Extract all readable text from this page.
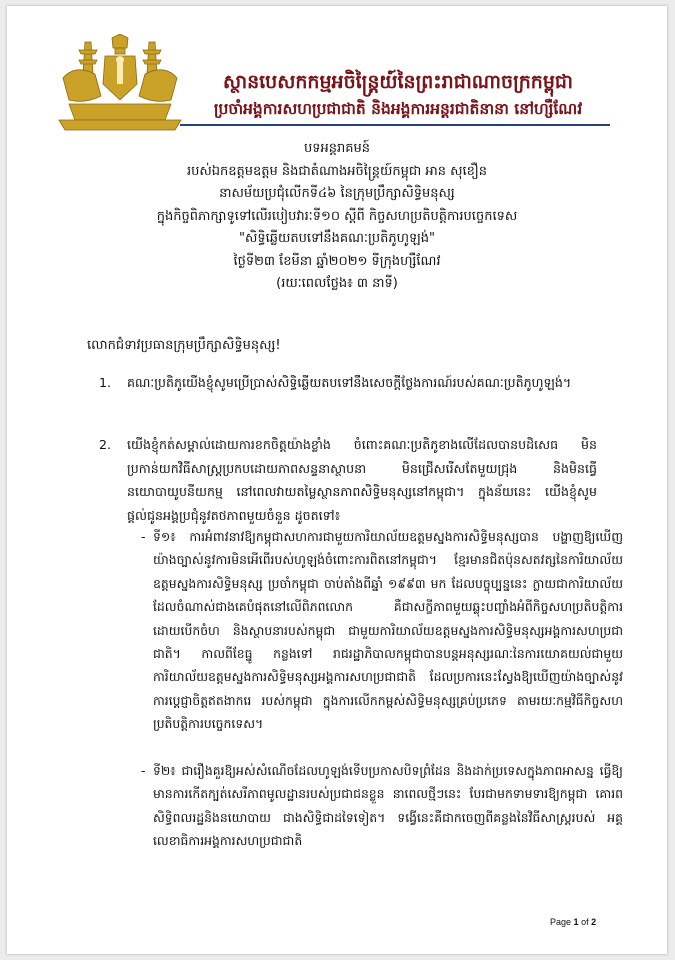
ស្ថានបេសកកម្មអចិន្ត្រៃយ៍នៃព្រះរាជាណាចក្រកម្ពុជា
ប្រចាំអង្គការសហប្រជាជាតិ និងអង្គការអន្តរជាតិនានា នៅហ្សឺណែវ
បទអន្តរាគមន៍
របស់ឯកឧត្តមឧត្តម និងជាតំណាងអចិន្ត្រៃយ៍កម្ពុជា អាន សុខឿន
នាសម័យប្រជុំលើកទី៤៦ នៃក្រុមប្រឹក្សាសិទ្ធិមនុស្ស
ក្នុងកិច្ចពិភាក្សាទូទៅលើរបៀបវារៈទី១០ ស្តីពី កិច្ចសហប្រតិបត្តិការបច្ចេកទេស
"សិទ្ធិឆ្លើយតបទៅនឹងគណៈប្រតិភូហូឡង់"
ថ្ងៃទី២៣ ខែមីនា ឆ្នាំ២០២១ ទីក្រុងហ្សឺណែវ
(រយៈពេលថ្លែង៖ ៣ នាទី)
លោកជំទាវប្រធានក្រុមប្រឹក្សាសិទ្ធិមនុស្ស!
1. គណៈប្រតិភូយើងខ្ញុំសូមប្រើប្រាស់សិទ្ធិឆ្លើយតបទៅនឹងសេចក្តីថ្លែងការណ៍របស់គណៈប្រតិភូហូឡង់។
2. យើងខ្ញុំកត់សម្គាល់ដោយការខកចិត្តយ៉ាងខ្លាំង ចំពោះគណៈប្រតិភូខាងលើដែលបានបដិសេធ មិនប្រកាន់យកវិធីសាស្ត្រប្រកបដោយភាពសន្ទនាស្ថាបនា មិនជ្រើសរើសតែមួយជ្រុង និងមិនធ្វើនយោបាយូបនីយកម្ម នៅពេលវាយតម្លៃស្ថានភាពសិទ្ធិមនុស្សនៅកម្ពុជា។ ក្នុងន័យនេះ យើងខ្ញុំសូមផ្តល់ជូនអង្គប្រជុំនូវតថភាពមួយចំនួន ដូចតទៅ៖
- ទី១៖ ការអំពាវនាវឱ្យកម្ពុជាសហការជាមួយការិយាល័យឧត្តមស្នងការសិទ្ធិមនុស្សបាន បង្ហាញឱ្យឃើញយ៉ាងច្បាស់នូវការមិនអើពើរបស់ហូឡង់ចំពោះការពិតនៅកម្ពុជា។ ខ្មែរមានជិតប៉ុនសតវត្សនៃការិយាល័យឧត្តមស្នងការសិទ្ធិមនុស្ស ប្រចាំកម្ពុជា ចាប់តាំងពីឆ្នាំ ១៩៩៣ មក ដែលបច្ចុប្បន្ននេះ ក្លាយជាការិយាល័យដែលចំណាស់ជាងគេបំផុតនៅលើពិភពលោក គឺជាសក្ខីភាពមួយឆ្លុះបញ្ចាំងអំពីកិច្ចសហប្រតិបត្តិការដោយបើកចំហ និងស្ថាបនារបស់កម្ពុជា ជាមួយការិយាល័យឧត្តមស្នងការសិទ្ធិមនុស្សអង្គការសហប្រជាជាតិ។ កាលពីខែធ្នូ កន្លងទៅ រាជរដ្ឋាភិបាលកម្ពុជាបានបន្តអនុស្សរណៈនៃការយោគយល់ជាមួយការិយាល័យឧត្តមស្នងការសិទ្ធិមនុស្សអង្គការសហប្រជាជាតិ ដែលប្រការនេះស្វែងឱ្យឃើញយ៉ាងច្បាស់នូវការប្តេជ្ញាចិត្តឥតងាករេ របស់កម្ពុជា ក្នុងការលើកកម្ពស់សិទ្ធិមនុស្សគ្រប់ប្រភេទ តាមរយៈកម្មវិធីកិច្ចសហប្រតិបត្តិការបច្ចេកទេស។
- ទី២៖ ជារឿងគួរឱ្យអស់សំណើចដែលហូឡង់ទើបប្រកាសបិទព្រំដែន និងដាក់ប្រទេសក្នុងភាពអាសន្ន ធ្វើឱ្យមានការកើតក្បត់សេរីភាពមូលដ្ឋានរបស់ប្រជាជនខ្លួន នាពេលថ្មីៗនេះ បែរជាមកទាមទារឱ្យកម្ពុជា គោរពសិទ្ធិពលរដ្ឋនិងនយោបាយ ជាងសិទ្ធិជាដទៃទៀត។ ទង្វើនេះគឺជាកចេញពីគន្លងនៃវិធីសាស្ត្ររបស់ អគ្គលេខាធិការអង្គការសហប្រជាជាតិ
Page 1 of 2
